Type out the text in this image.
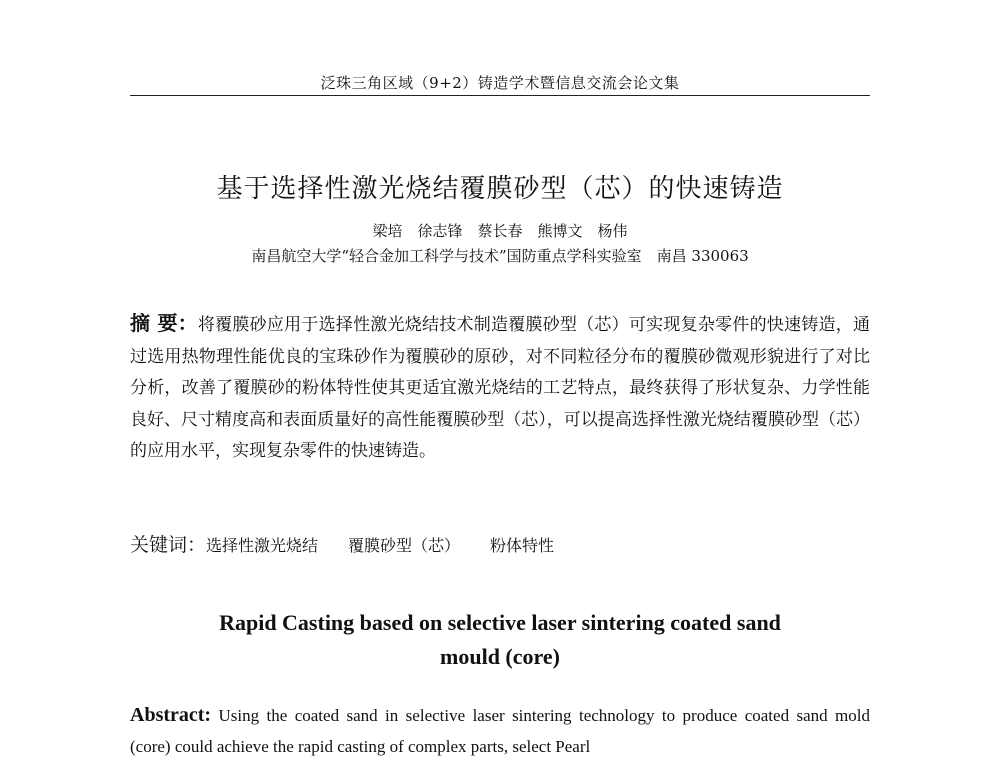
泛珠三角区域（9+2）铸造学术暨信息交流会论文集
基于选择性激光烧结覆膜砂型（芯）的快速铸造
梁培　徐志锋　蔡长春　熊博文　杨伟
南昌航空大学“轻合金加工科学与技术”国防重点学科实验室　南昌 330063
摘 要：将覆膜砂应用于选择性激光烧结技术制造覆膜砂型（芯）可实现复杂零件的快速铸造，通过选用热物理性能优良的宝珠砂作为覆膜砂的原砂，对不同粒径分布的覆膜砂微观形貌进行了对比分析，改善了覆膜砂的粉体特性使其更适宜激光烧结的工艺特点，最终获得了形状复杂、力学性能良好、尺寸精度高和表面质量好的高性能覆膜砂型（芯），可以提高选择性激光烧结覆膜砂型（芯）的应用水平，实现复杂零件的快速铸造。
关键词：选择性激光烧结 覆膜砂型（芯） 粉体特性
Rapid Casting based on selective laser sintering coated sand
mould (core)
Abstract: Using the coated sand in selective laser sintering technology to produce coated sand mold (core) could achieve the rapid casting of complex parts, select Pearl
